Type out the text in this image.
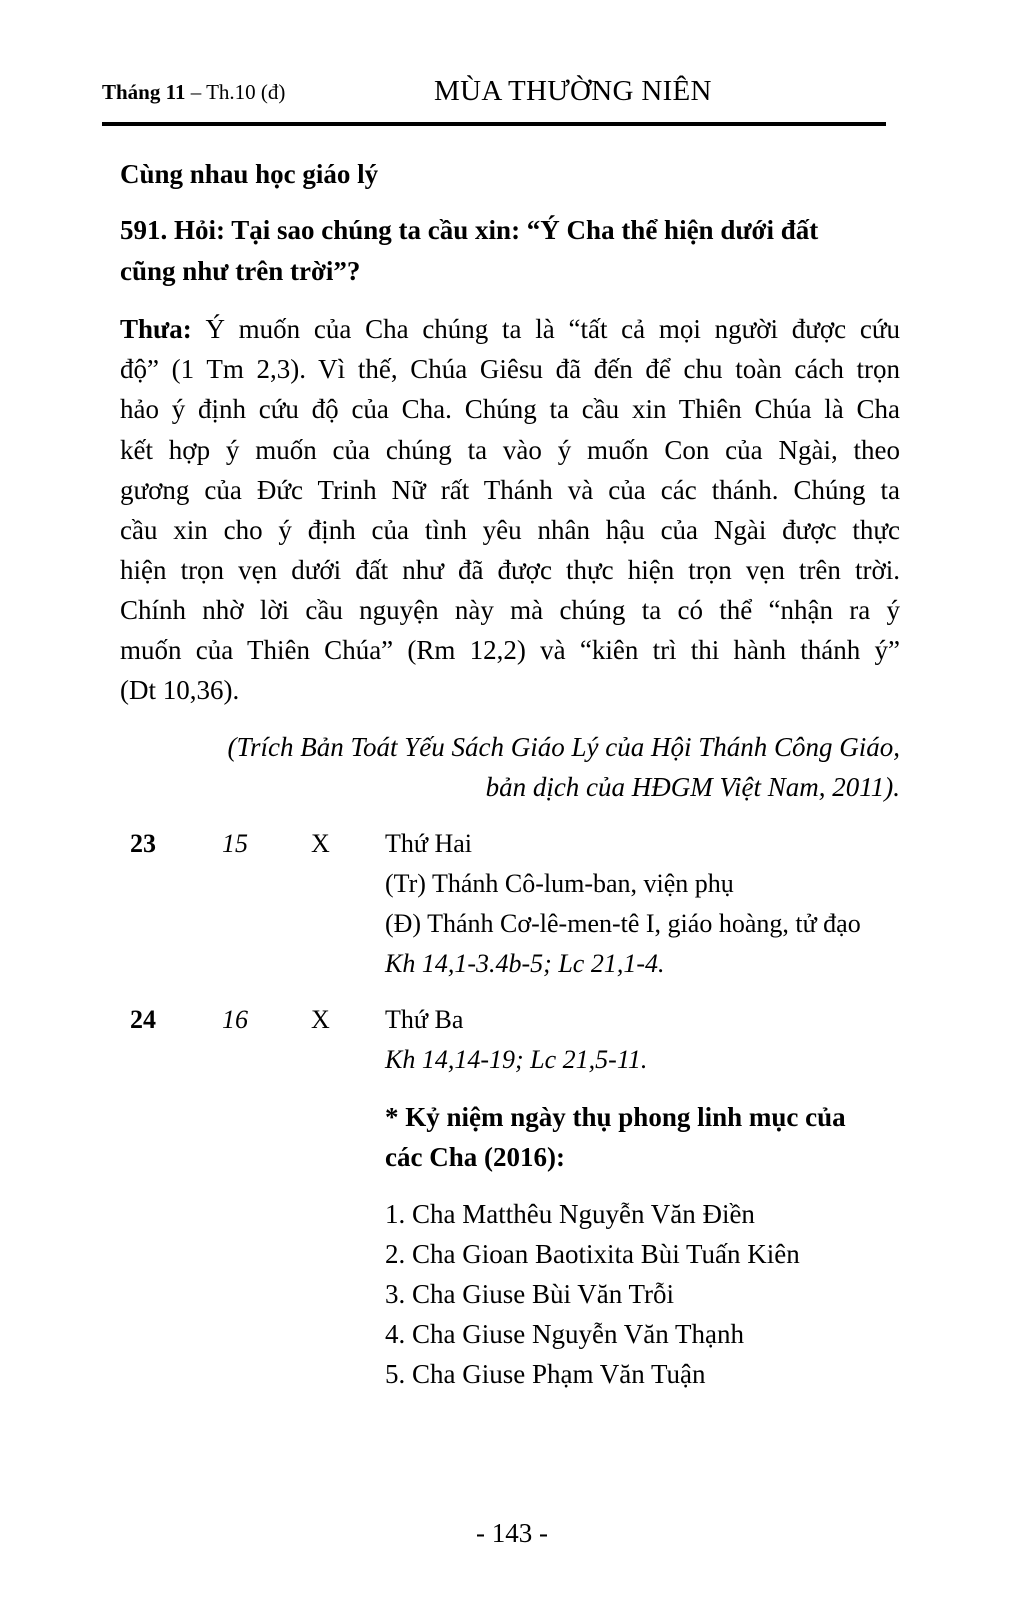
Tháng 11 – Th.10 (đ)	MÙA THƯỜNG NIÊN
Cùng nhau học giáo lý
591. Hỏi: Tại sao chúng ta cầu xin: “Ý Cha thể hiện dưới đất
cũng như trên trời”?
Thưa: Ý muốn của Cha chúng ta là “tất cả mọi người được cứu
độ” (1 Tm 2,3). Vì thế, Chúa Giêsu đã đến để chu toàn cách trọn
hảo ý định cứu độ của Cha. Chúng ta cầu xin Thiên Chúa là Cha
kết hợp ý muốn của chúng ta vào ý muốn Con của Ngài, theo
gương của Đức Trinh Nữ rất Thánh và của các thánh. Chúng ta
cầu xin cho ý định của tình yêu nhân hậu của Ngài được thực
hiện trọn vẹn dưới đất như đã được thực hiện trọn vẹn trên trời.
Chính nhờ lời cầu nguyện này mà chúng ta có thể “nhận ra ý
muốn của Thiên Chúa” (Rm 12,2) và “kiên trì thi hành thánh ý”
(Dt 10,36).
(Trích Bản Toát Yếu Sách Giáo Lý của Hội Thánh Công Giáo,
bản dịch của HĐGM Việt Nam, 2011).
23	15 X Thứ Hai
(Tr) Thánh Cô-lum-ban, viện phụ
(Đ) Thánh Cơ-lê-men-tê I, giáo hoàng, tử đạo
Kh 14,1-3.4b-5; Lc 21,1-4.
24	16 X Thứ Ba
Kh 14,14-19; Lc 21,5-11.
* Kỷ niệm ngày thụ phong linh mục của
các Cha (2016):
1. Cha Matthêu Nguyễn Văn Điền
2. Cha Gioan Baotixita Bùi Tuấn Kiên
3. Cha Giuse Bùi Văn Trỗi
4. Cha Giuse Nguyễn Văn Thạnh
5. Cha Giuse Phạm Văn Tuận
- 143 -
